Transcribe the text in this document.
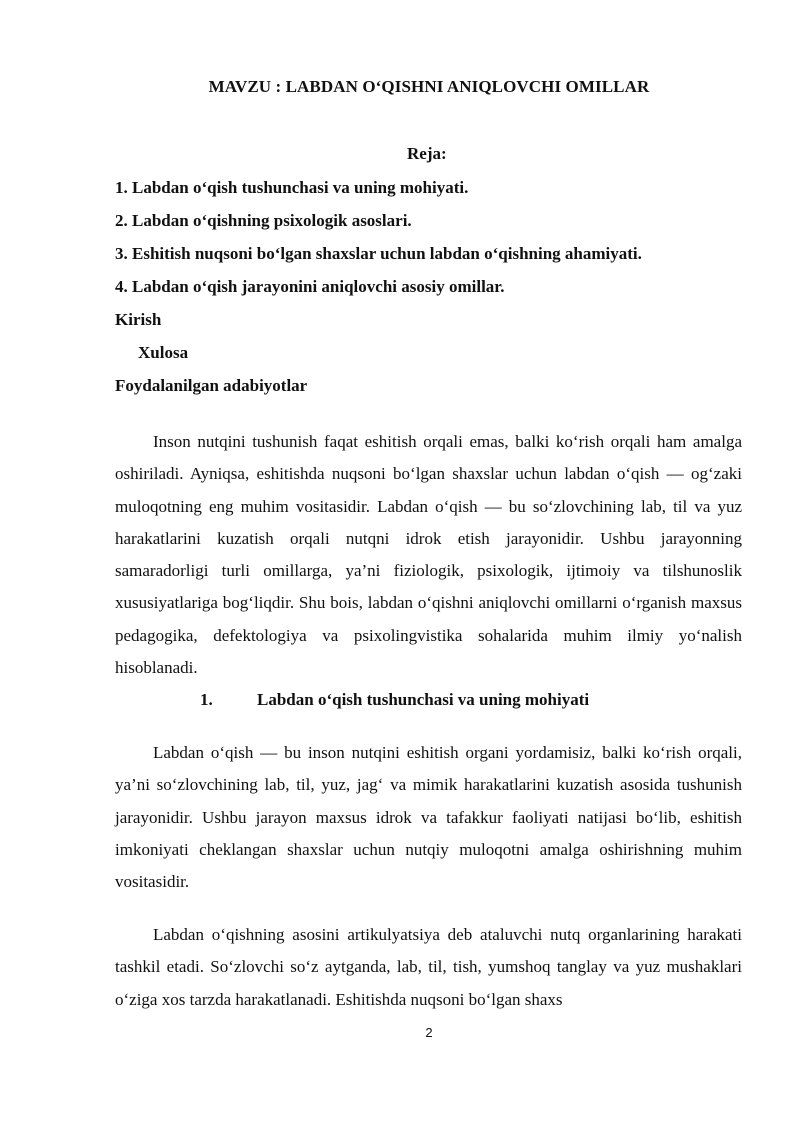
MAVZU : LABDAN O‘QISHNI ANIQLOVCHI OMILLAR
Reja:
1. Labdan o‘qish tushunchasi va uning mohiyati.
2. Labdan o‘qishning psixologik asoslari.
3. Eshitish nuqsoni bo‘lgan shaxslar uchun labdan o‘qishning ahamiyati.
4. Labdan o‘qish jarayonini aniqlovchi asosiy omillar.
Kirish
Xulosa
Foydalanilgan adabiyotlar

Inson nutqini tushunish faqat eshitish orqali emas, balki ko‘rish orqali ham amalga oshiriladi. Ayniqsa, eshitishda nuqsoni bo‘lgan shaxslar uchun labdan o‘qish — og‘zaki muloqotning eng muhim vositasidir. Labdan o‘qish — bu so‘zlovchining lab, til va yuz harakatlarini kuzatish orqali nutqni idrok etish jarayonidir. Ushbu jarayonning samaradorligi turli omillarga, ya’ni fiziologik, psixologik, ijtimoiy va tilshunoslik xususiyatlariga bog‘liqdir. Shu bois, labdan o‘qishni aniqlovchi omillarni o‘rganish maxsus pedagogika, defektologiya va psixolingvistika sohalarida muhim ilmiy yo‘nalish hisoblanadi.

1.	Labdan o‘qish tushunchasi va uning mohiyati

Labdan o‘qish — bu inson nutqini eshitish organi yordamisiz, balki ko‘rish orqali, ya’ni so‘zlovchining lab, til, yuz, jag‘ va mimik harakatlarini kuzatish asosida tushunish jarayonidir. Ushbu jarayon maxsus idrok va tafakkur faoliyati natijasi bo‘lib, eshitish imkoniyati cheklangan shaxslar uchun nutqiy muloqotni amalga oshirishning muhim vositasidir.

Labdan o‘qishning asosini artikulyatsiya deb ataluvchi nutq organlarining harakati tashkil etadi. So‘zlovchi so‘z aytganda, lab, til, tish, yumshoq tanglay va yuz mushaklari o‘ziga xos tarzda harakatlanadi. Eshitishda nuqsoni bo‘lgan shaxs

2
